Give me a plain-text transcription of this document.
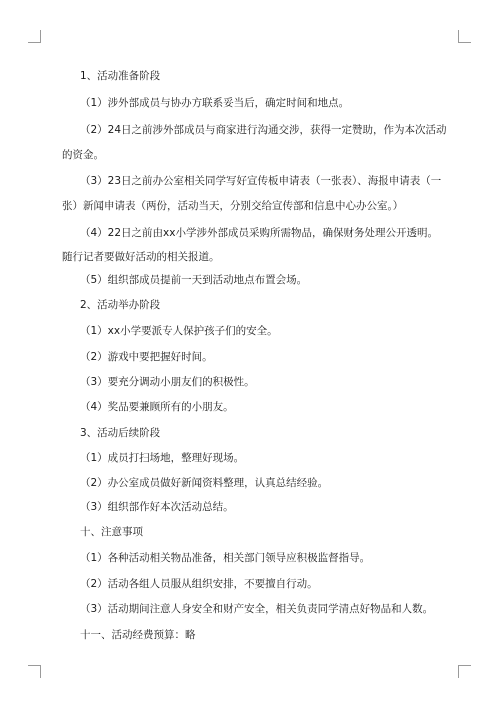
1、活动准备阶段
（1）涉外部成员与协办方联系妥当后，确定时间和地点。
（2）24日之前涉外部成员与商家进行沟通交涉，获得一定赞助，作为本次活动
的资金。
（3）23日之前办公室相关同学写好宣传板申请表（一张表）、海报申请表（一
张）新闻申请表（两份，活动当天，分别交给宣传部和信息中心办公室。）
（4）22日之前由xx小学涉外部成员采购所需物品，确保财务处理公开透明。
随行记者要做好活动的相关报道。
（5）组织部成员提前一天到活动地点布置会场。
2、活动举办阶段
（1）xx小学要派专人保护孩子们的安全。
（2）游戏中要把握好时间。
（3）要充分调动小朋友们的积极性。
（4）奖品要兼顾所有的小朋友。
3、活动后续阶段
（1）成员打扫场地，整理好现场。
（2）办公室成员做好新闻资料整理，认真总结经验。
（3）组织部作好本次活动总结。
十、注意事项
（1）各种活动相关物品准备，相关部门领导应积极监督指导。
（2）活动各组人员服从组织安排，不要擅自行动。
（3）活动期间注意人身安全和财产安全，相关负责同学清点好物品和人数。
十一、活动经费预算：略
